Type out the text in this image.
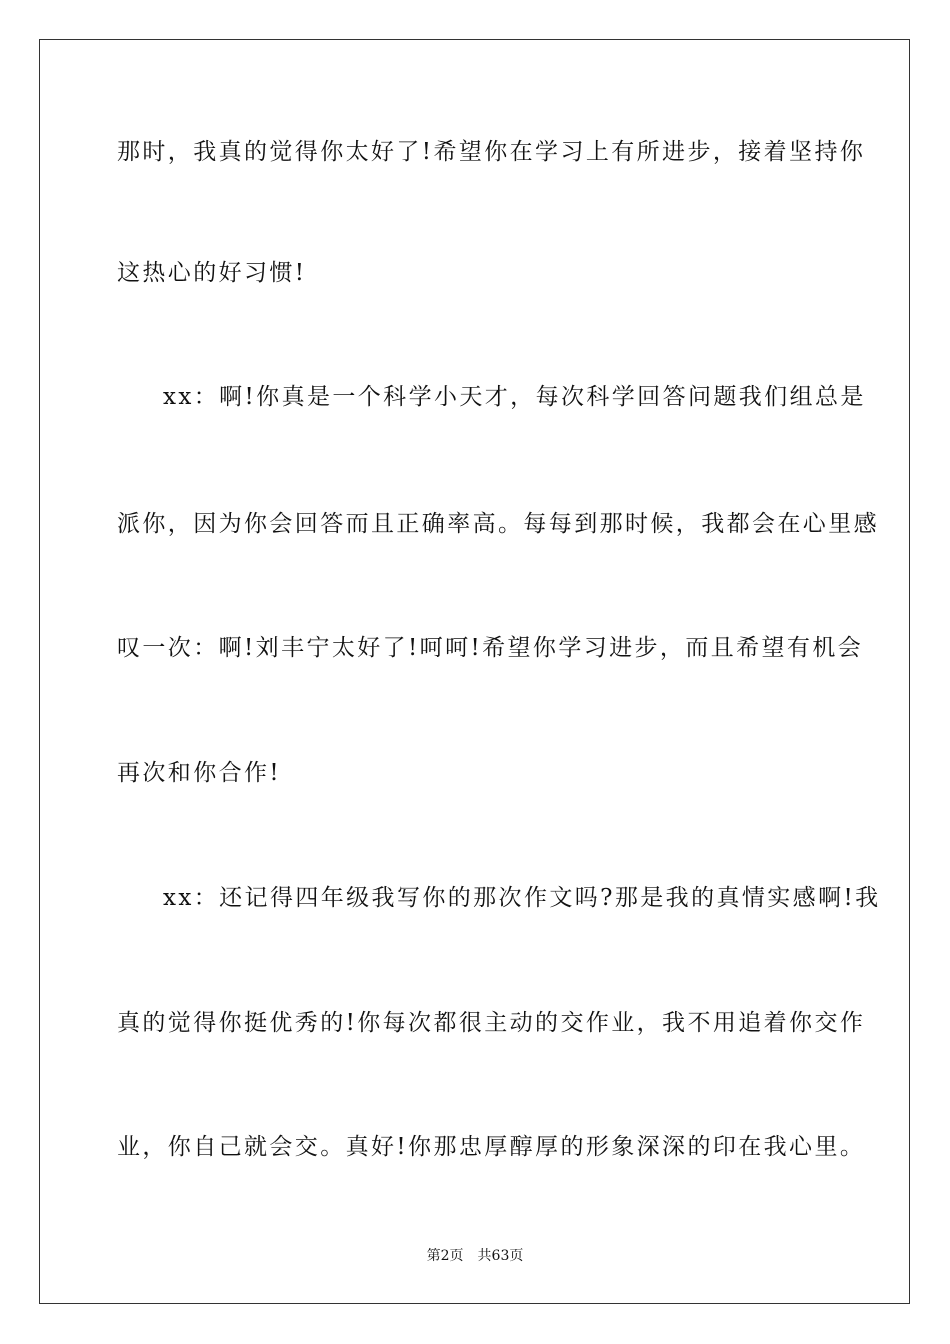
那时，我真的觉得你太好了!希望你在学习上有所进步，接着坚持你
这热心的好习惯!
xx：啊!你真是一个科学小天才，每次科学回答问题我们组总是
派你，因为你会回答而且正确率高。每每到那时候，我都会在心里感
叹一次：啊!刘丰宁太好了!呵呵!希望你学习进步，而且希望有机会
再次和你合作!
xx：还记得四年级我写你的那次作文吗?那是我的真情实感啊!我
真的觉得你挺优秀的!你每次都很主动的交作业，我不用追着你交作
业，你自己就会交。真好!你那忠厚醇厚的形象深深的印在我心里。
第2页 共63页
